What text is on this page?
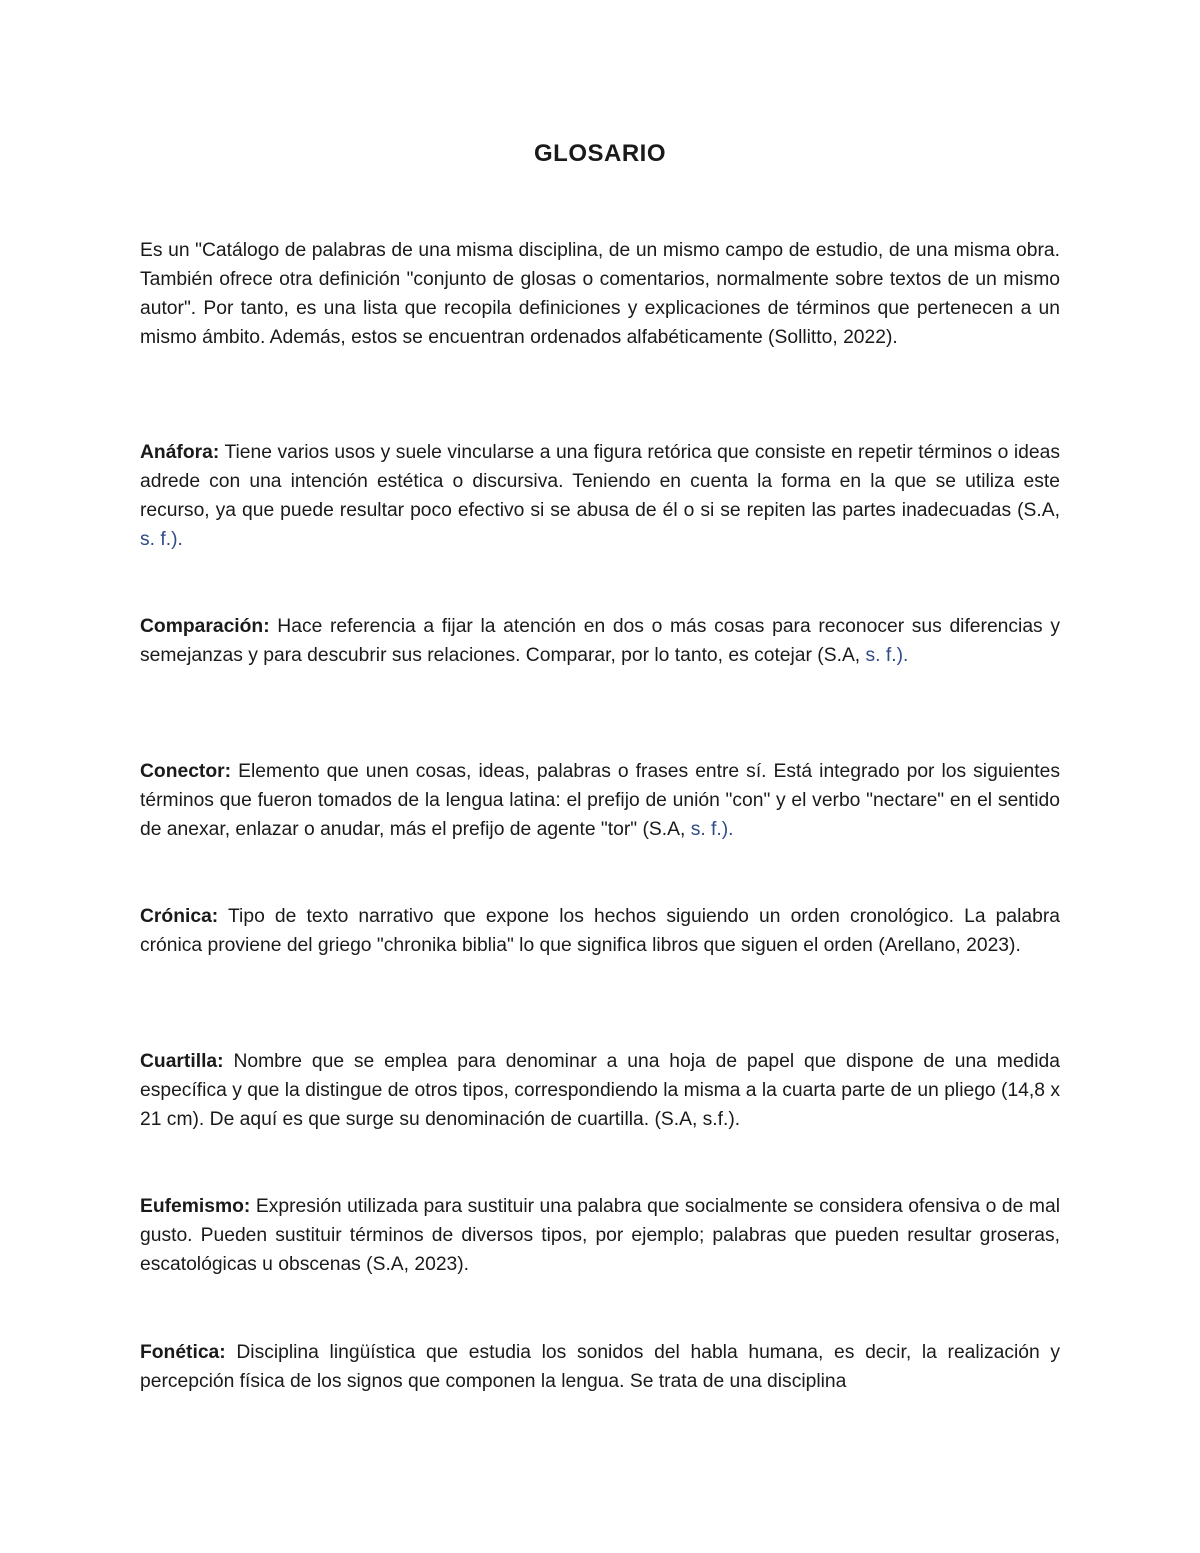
GLOSARIO

Es un "Catálogo de palabras de una misma disciplina, de un mismo campo de estudio, de una misma obra. También ofrece otra definición "conjunto de glosas o comentarios, normalmente sobre textos de un mismo autor". Por tanto, es una lista que recopila definiciones y explicaciones de términos que pertenecen a un mismo ámbito. Además, estos se encuentran ordenados alfabéticamente (Sollitto, 2022).

Anáfora: Tiene varios usos y suele vincularse a una figura retórica que consiste en repetir términos o ideas adrede con una intención estética o discursiva. Teniendo en cuenta la forma en la que se utiliza este recurso, ya que puede resultar poco efectivo si se abusa de él o si se repiten las partes inadecuadas (S.A, s. f.).

Comparación: Hace referencia a fijar la atención en dos o más cosas para reconocer sus diferencias y semejanzas y para descubrir sus relaciones. Comparar, por lo tanto, es cotejar (S.A, s. f.).

Conector: Elemento que unen cosas, ideas, palabras o frases entre sí. Está integrado por los siguientes términos que fueron tomados de la lengua latina: el prefijo de unión "con" y el verbo "nectare" en el sentido de anexar, enlazar o anudar, más el prefijo de agente "tor" (S.A, s. f.).

Crónica: Tipo de texto narrativo que expone los hechos siguiendo un orden cronológico. La palabra crónica proviene del griego "chronika biblia" lo que significa libros que siguen el orden (Arellano, 2023).

Cuartilla: Nombre que se emplea para denominar a una hoja de papel que dispone de una medida específica y que la distingue de otros tipos, correspondiendo la misma a la cuarta parte de un pliego (14,8 x 21 cm). De aquí es que surge su denominación de cuartilla. (S.A, s.f.).

Eufemismo: Expresión utilizada para sustituir una palabra que socialmente se considera ofensiva o de mal gusto. Pueden sustituir términos de diversos tipos, por ejemplo; palabras que pueden resultar groseras, escatológicas u obscenas (S.A, 2023).

Fonética: Disciplina lingüística que estudia los sonidos del habla humana, es decir, la realización y percepción física de los signos que componen la lengua. Se trata de una disciplina
